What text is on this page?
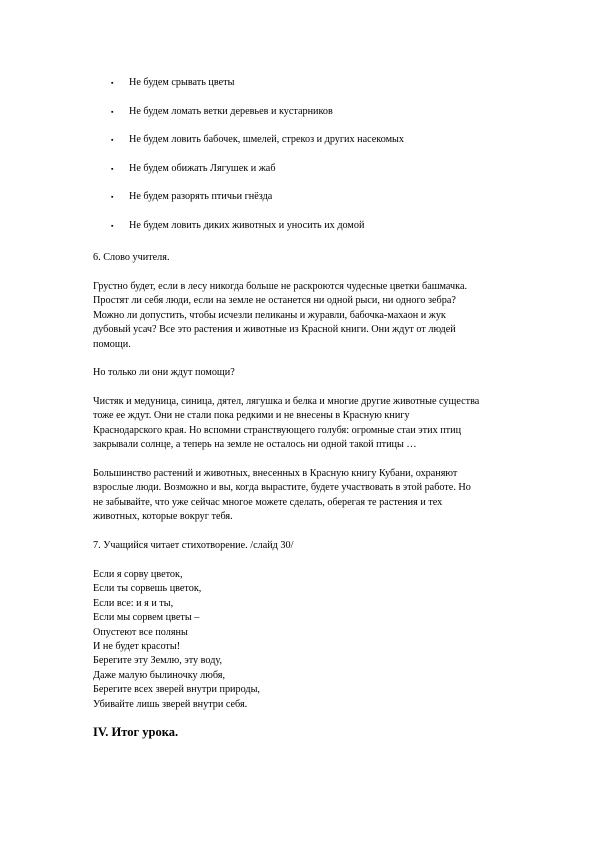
▪ Не будем срывать цветы
▪ Не будем ломать ветки деревьев и кустарников
▪ Не будем ловить бабочек, шмелей, стрекоз и других насекомых
▪ Не будем обижать Лягушек и жаб
▪ Не будем разорять птичьи гнёзда
▪ Не будем ловить диких животных и уносить их домой

6. Слово учителя.

Грустно будет, если в лесу никогда больше не раскроются чудесные цветки башмачка.
Простят ли себя люди, если на земле не останется ни одной рыси, ни одного зебра?
Можно ли допустить, чтобы исчезли пеликаны и журавли, бабочка-махаон и жук
дубовый усач? Все это растения и животные из Красной книги. Они ждут от людей
помощи.
Но только ли они ждут помощи?
Чистяк и медуница, синица, дятел, лягушка и белка и многие другие животные существа
тоже ее ждут. Они не стали пока редкими и не внесены в Красную книгу
Краснодарского края. Но вспомни странствующего голубя: огромные стаи этих птиц
закрывали солнце, а теперь на земле не осталось ни одной такой птицы …
Большинство растений и животных, внесенных в Красную книгу Кубани, охраняют
взрослые люди. Возможно и вы, когда вырастите, будете участвовать в этой работе. Но
не забывайте, что уже сейчас многое можете сделать, оберегая те растения и тех
животных, которые вокруг тебя.

7. Учащийся читает стихотворение. /слайд 30/

Если я сорву цветок,
Если ты сорвешь цветок,
Если все: и я и ты,
Если мы сорвем цветы –
Опустеют все поляны
И не будет красоты!
Берегите эту Землю, эту воду,
Даже малую былиночку любя,
Берегите всех зверей внутри природы,
Убивайте лишь зверей внутри себя.
IV. Итог урока.
